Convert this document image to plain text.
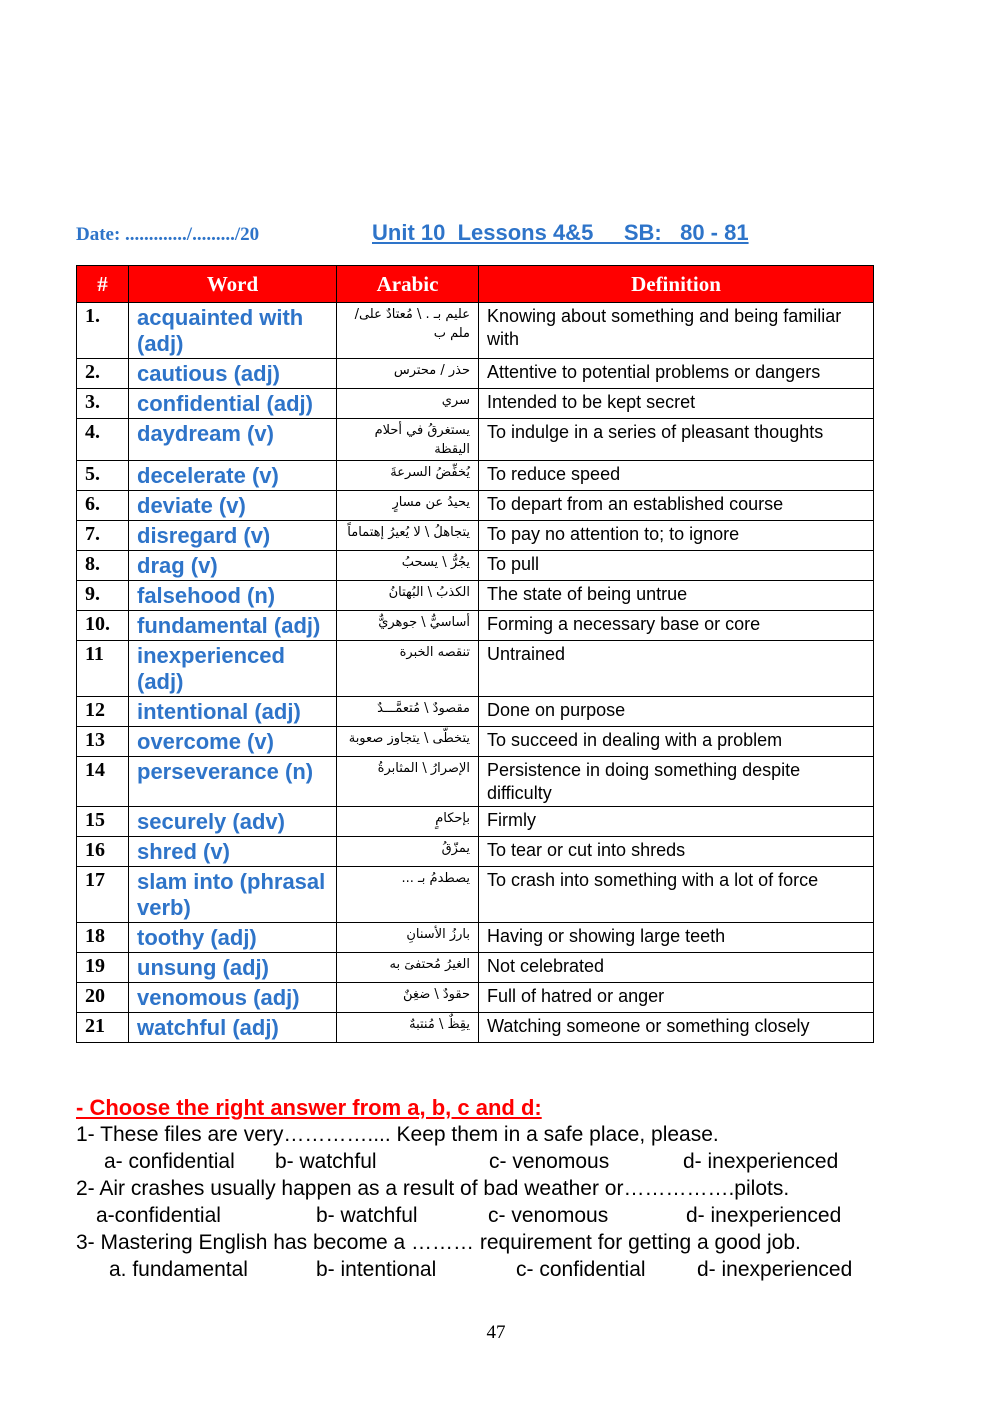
Date: ............./........./20	Unit 10  Lessons 4&5     SB:   80 - 81
#	Word	Arabic	Definition
1.	acquainted with (adj)	عليم بـ . \ مُعتادٌ على/ملم ب	Knowing about something and being familiar with
2.	cautious (adj)	حذر / محترس	Attentive to potential problems or dangers
3.	confidential (adj)	سري	Intended to be kept secret
4.	daydream (v)	يستغرقُ في أحلام اليقظة	To indulge in a series of pleasant thoughts
5.	decelerate (v)	يُخفِّضُ السرعةَ	To reduce speed
6.	deviate (v)	يحيدُ عن مسارٍ	To depart from an established course
7.	disregard (v)	يتجاهلُ \ لا يُعيرُ إهتماماً	To pay no attention to; to ignore
8.	drag (v)	يجُرُّ \ يسحبُ	To pull
9.	falsehood (n)	الكذبُ \ البُهتانُ	The state of being untrue
10.	fundamental (adj)	أساسيٌّ \ جوهريٌّ	Forming a necessary base or core
11	inexperienced (adj)	تنقصه الخبرة	Untrained
12	intentional (adj)	مقصودٌ \ مُتعمَّـــدٌ	Done on purpose
13	overcome (v)	يتخطّى \ يتجاوز صعوبة	To succeed in dealing with a problem
14	perseverance (n)	الإصرارُ \ المثابرةُ	Persistence in doing something despite difficulty
15	securely (adv)	بإحكامٍ	Firmly
16	shred (v)	يمزّقُ	To tear or cut into shreds
17	slam into (phrasal verb)	يصطدمُ بـ ...	To crash into something with a lot of force
18	toothy (adj)	بارزُ الأسنانِ	Having or showing large teeth
19	unsung (adj)	الغيرُ مُحتفىَ به	Not celebrated
20	venomous (adj)	حقودٌ \ ضغِنٌ	Full of hatred or anger
21	watchful (adj)	يقِظٌ \ مُنتبهٌ	Watching someone or something closely
- Choose the right answer from a, b, c and d:
1- These files are very………….... Keep them in a safe place, please.
a- confidential b- watchful	c- venomous	d- inexperienced
2- Air crashes usually happen as a result of bad weather or…………….pilots.
a-confidential	b- watchful	c- venomous	d- inexperienced
3- Mastering English has become a ……… requirement for getting a good job.
a. fundamental	b- intentional	c- confidential d- inexperienced
47
